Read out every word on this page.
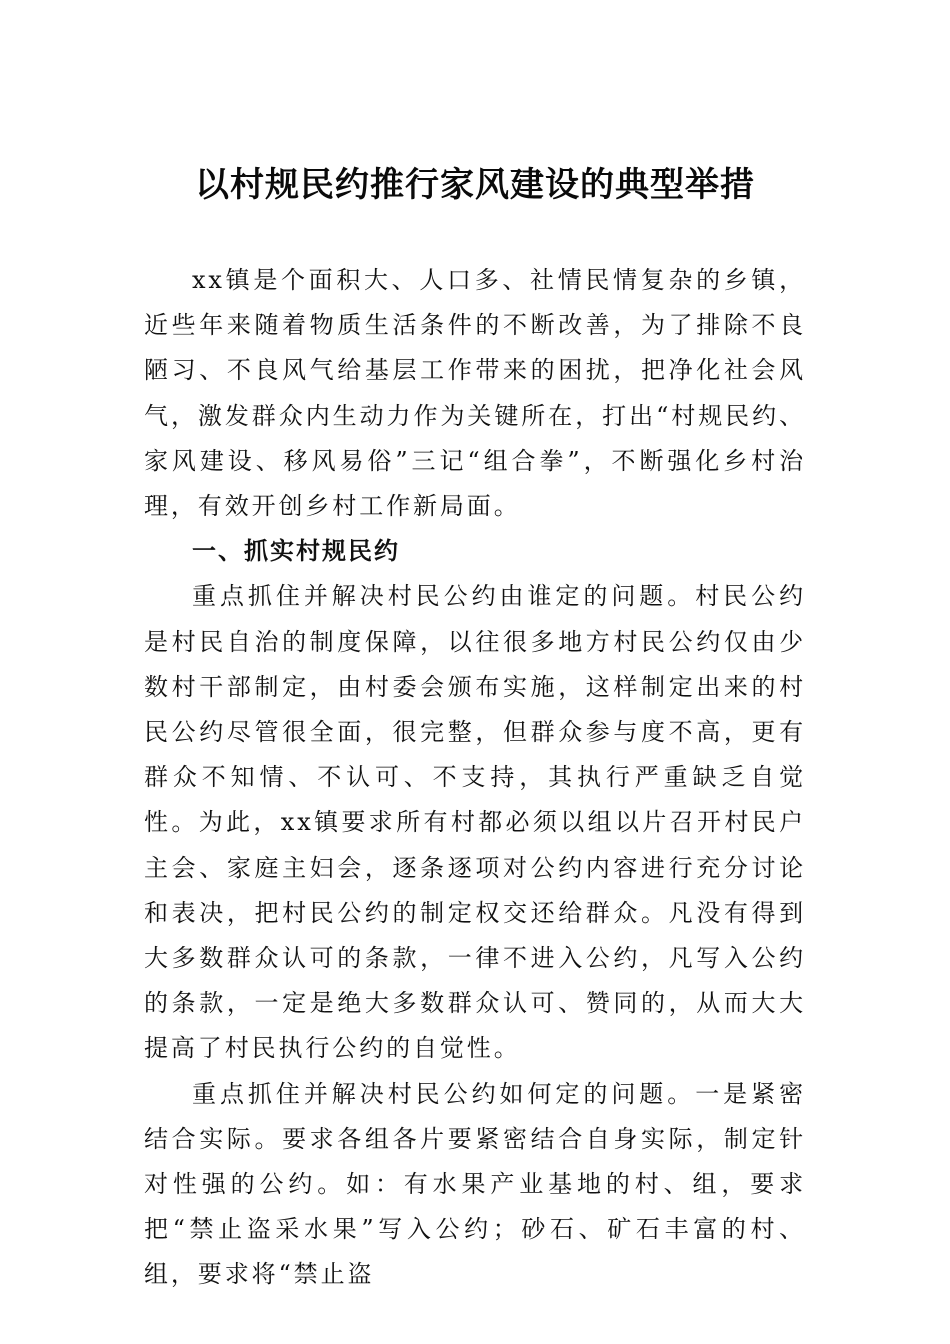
以村规民约推行家风建设的典型举措

xx镇是个面积大、人口多、社情民情复杂的乡镇，近些年来随着物质生活条件的不断改善，为了排除不良陋习、不良风气给基层工作带来的困扰，把净化社会风气，激发群众内生动力作为关键所在，打出“村规民约、家风建设、移风易俗”三记“组合拳”，不断强化乡村治理，有效开创乡村工作新局面。

一、抓实村规民约

重点抓住并解决村民公约由谁定的问题。村民公约是村民自治的制度保障，以往很多地方村民公约仅由少数村干部制定，由村委会颁布实施，这样制定出来的村民公约尽管很全面，很完整，但群众参与度不高，更有群众不知情、不认可、不支持，其执行严重缺乏自觉性。为此，xx镇要求所有村都必须以组以片召开村民户主会、家庭主妇会，逐条逐项对公约内容进行充分讨论和表决，把村民公约的制定权交还给群众。凡没有得到大多数群众认可的条款，一律不进入公约，凡写入公约的条款，一定是绝大多数群众认可、赞同的，从而大大提高了村民执行公约的自觉性。

重点抓住并解决村民公约如何定的问题。一是紧密结合实际。要求各组各片要紧密结合自身实际，制定针对性强的公约。如：有水果产业基地的村、组，要求把“禁止盗采水果”写入公约；砂石、矿石丰富的村、组，要求将“禁止盗
